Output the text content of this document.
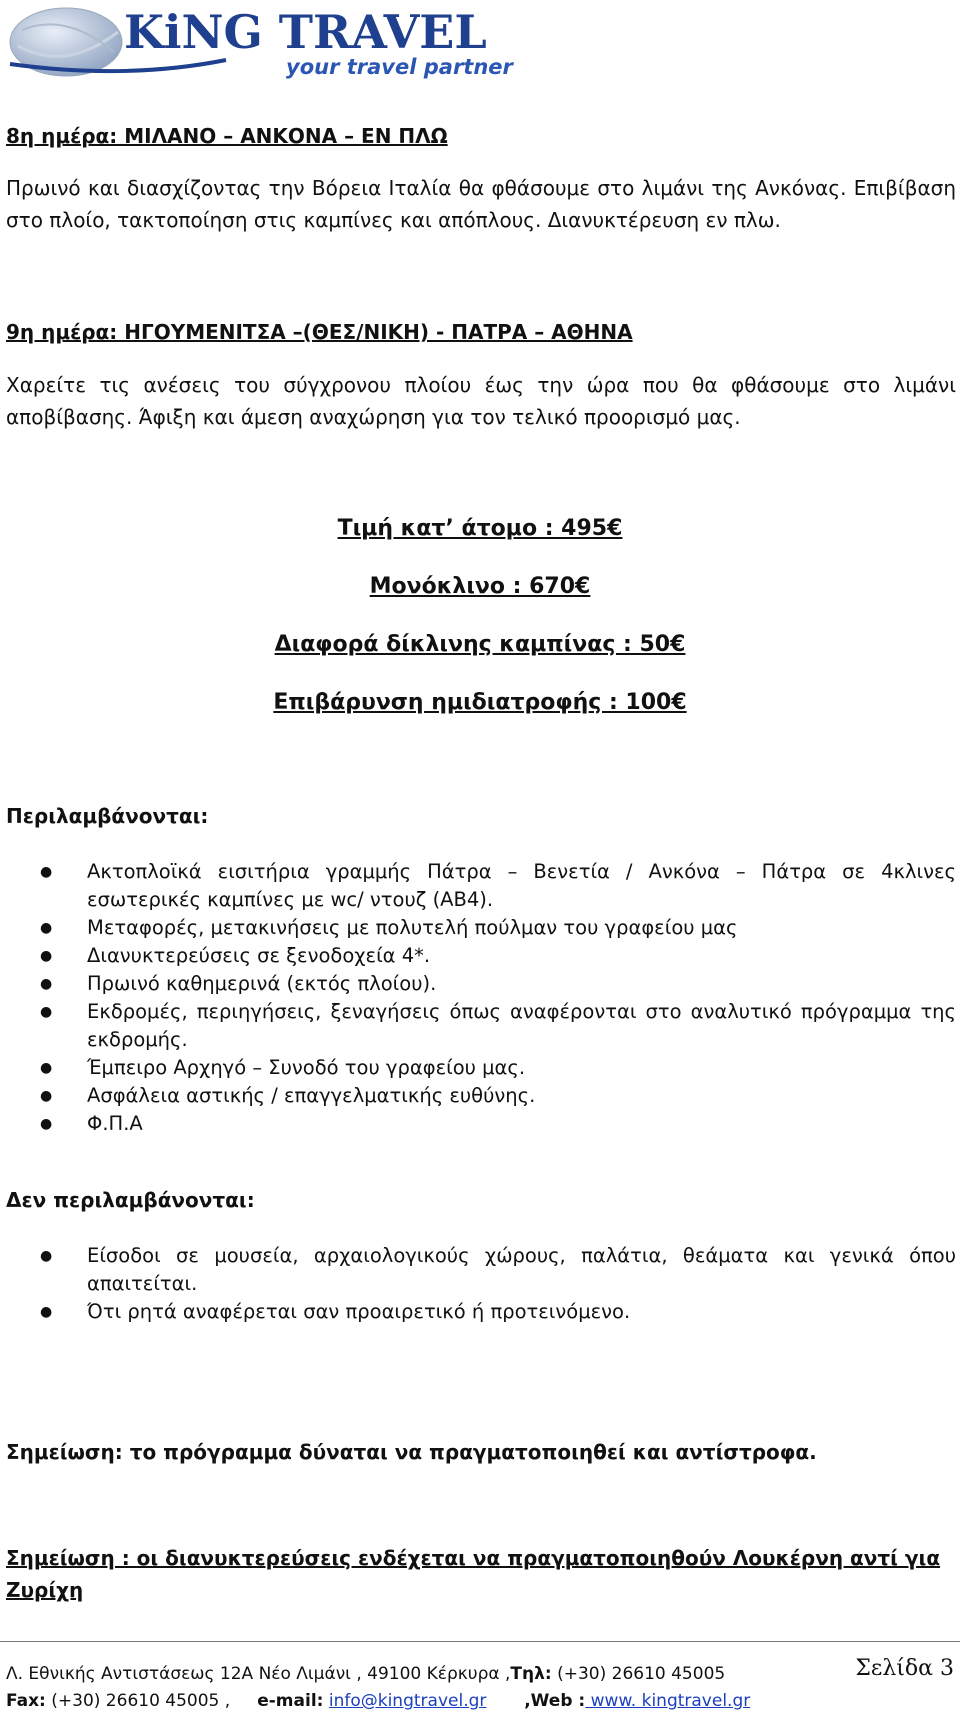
KiNG TRAVEL
your travel partner
8η ημέρα: ΜΙΛΑΝΟ – ΑΝΚΟΝΑ – ΕΝ ΠΛΩ
Πρωινό και διασχίζοντας την Βόρεια Ιταλία θα φθάσουμε στο λιμάνι της Ανκόνας. Επιβίβαση στο πλοίο, τακτοποίηση στις καμπίνες και απόπλους. Διανυκτέρευση εν πλω.
9η ημέρα: ΗΓΟΥΜΕΝΙΤΣΑ –(ΘΕΣ/ΝΙΚΗ) - ΠΑΤΡΑ – ΑΘΗΝΑ
Χαρείτε τις ανέσεις του σύγχρονου πλοίου έως την ώρα που θα φθάσουμε στο λιμάνι αποβίβασης. Άφιξη και άμεση αναχώρηση για τον τελικό προορισμό μας.
Τιμή κατ’ άτομο : 495€
Μονόκλινο : 670€
Διαφορά δίκλινης καμπίνας : 50€
Επιβάρυνση ημιδιατροφής : 100€
Περιλαμβάνονται:
● Ακτοπλοϊκά εισιτήρια γραμμής Πάτρα – Βενετία / Ανκόνα – Πάτρα σε 4κλινες εσωτερικές καμπίνες με wc/ ντουζ (ΑΒ4).
● Μεταφορές, μετακινήσεις με πολυτελή πούλμαν του γραφείου μας
● Διανυκτερεύσεις σε ξενοδοχεία 4*.
● Πρωινό καθημερινά (εκτός πλοίου).
● Εκδρομές, περιηγήσεις, ξεναγήσεις όπως αναφέρονται στο αναλυτικό πρόγραμμα της εκδρομής.
● Έμπειρο Αρχηγό – Συνοδό του γραφείου μας.
● Ασφάλεια αστικής / επαγγελματικής ευθύνης.
● Φ.Π.Α
Δεν περιλαμβάνονται:
● Είσοδοι σε μουσεία, αρχαιολογικούς χώρους, παλάτια, θεάματα και γενικά όπου απαιτείται.
● Ότι ρητά αναφέρεται σαν προαιρετικό ή προτεινόμενο.
Σημείωση: το πρόγραμμα δύναται να πραγματοποιηθεί και αντίστροφα.
Σημείωση : οι διανυκτερεύσεις ενδέχεται να πραγματοποιηθούν Λουκέρνη αντί για Ζυρίχη
Λ. Εθνικής Αντιστάσεως 12Α Νέο Λιμάνι , 49100 Κέρκυρα ,Τηλ: (+30) 26610 45005	Σελίδα 3
Fax: (+30) 26610 45005 , e-mail: info@kingtravel.gr ,Web : www. kingtravel.gr
